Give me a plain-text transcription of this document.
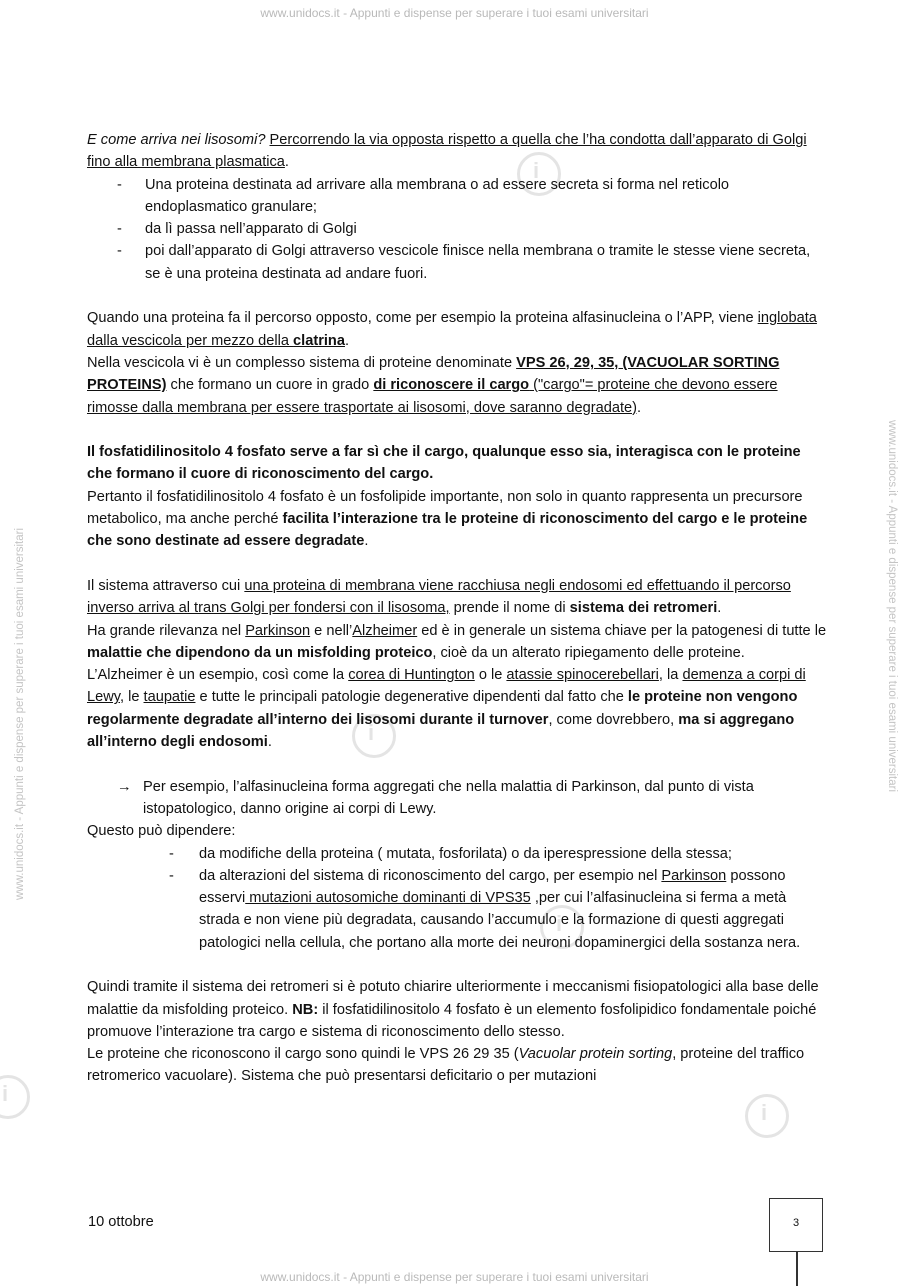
www.unidocs.it - Appunti e dispense per superare i tuoi esami universitari
www.unidocs.it - Appunti e dispense per superare i tuoi esami universitari
www.unidocs.it - Appunti e dispense per superare i tuoi esami universitari	www.unidocs.it - Appunti e dispense per superare i tuoi esami universitari
i
i
i
i
i

E come arriva nei lisosomi? Percorrendo la via opposta rispetto a quella che l’ha condotta dall’apparato di Golgi fino alla membrana plasmatica.

-	Una proteina destinata ad arrivare alla membrana o ad essere secreta si forma nel reticolo endoplasmatico granulare;
-	da lì passa nell’apparato di Golgi
-	poi dall’apparato di Golgi attraverso vescicole finisce nella membrana o tramite le stesse viene secreta, se è una proteina destinata ad andare fuori.

Quando una proteina fa il percorso opposto, come per esempio la proteina alfasinucleina o l’APP, viene inglobata dalla vescicola per mezzo della clatrina.

Nella vescicola vi è un complesso sistema di proteine denominate VPS 26, 29, 35, (VACUOLAR SORTING PROTEINS) che formano un cuore in grado di riconoscere il cargo ("cargo"= proteine che devono essere rimosse dalla membrana per essere trasportate ai lisosomi, dove saranno degradate).

Il fosfatidilinositolo 4 fosfato serve a far sì che il cargo, qualunque esso sia, interagisca con le proteine che formano il cuore di riconoscimento del cargo.

Pertanto il fosfatidilinositolo 4 fosfato è un fosfolipide importante, non solo in quanto rappresenta un precursore metabolico, ma anche perché facilita l’interazione tra le proteine di riconoscimento del cargo e le proteine che sono destinate ad essere degradate.

Il sistema attraverso cui una proteina di membrana viene racchiusa negli endosomi ed effettuando il percorso inverso arriva al trans Golgi per fondersi con il lisosoma, prende il nome di sistema dei retromeri.

Ha grande rilevanza nel Parkinson e nell’Alzheimer ed è in generale un sistema chiave per la patogenesi di tutte le malattie che dipendono da un misfolding proteico, cioè da un alterato ripiegamento delle proteine.

L’Alzheimer è un esempio, così come la corea di Huntington o le atassie spinocerebellari, la demenza a corpi di Lewy, le taupatie e tutte le principali patologie degenerative dipendenti dal fatto che le proteine non vengono regolarmente degradate all’interno dei lisosomi durante il turnover, come dovrebbero, ma si aggregano all’interno degli endosomi.

→ Per esempio, l’alfasinucleina forma aggregati che nella malattia di Parkinson, dal punto di vista istopatologico, danno origine ai corpi di Lewy.

Questo può dipendere:

-	da modifiche della proteina ( mutata, fosforilata) o da iperespressione della stessa;
-	da alterazioni del sistema di riconoscimento del cargo, per esempio nel Parkinson possono esservi mutazioni autosomiche dominanti di VPS35 ,per cui l’alfasinucleina si ferma a metà strada e non viene più degradata, causando l’accumulo e la formazione di questi aggregati patologici nella cellula, che portano alla morte dei neuroni dopaminergici della sostanza nera.

Quindi tramite il sistema dei retromeri si è potuto chiarire ulteriormente i meccanismi fisiopatologici alla base delle malattie da misfolding proteico. NB: il fosfatidilinositolo 4 fosfato è un elemento fosfolipidico fondamentale poiché promuove l’interazione tra cargo e sistema di riconoscimento dello stesso.

Le proteine che riconoscono il cargo sono quindi le VPS 26 29 35 (Vacuolar protein sorting, proteine del traffico retromerico vacuolare). Sistema che può presentarsi deficitario o per mutazioni

10 ottobre	3
